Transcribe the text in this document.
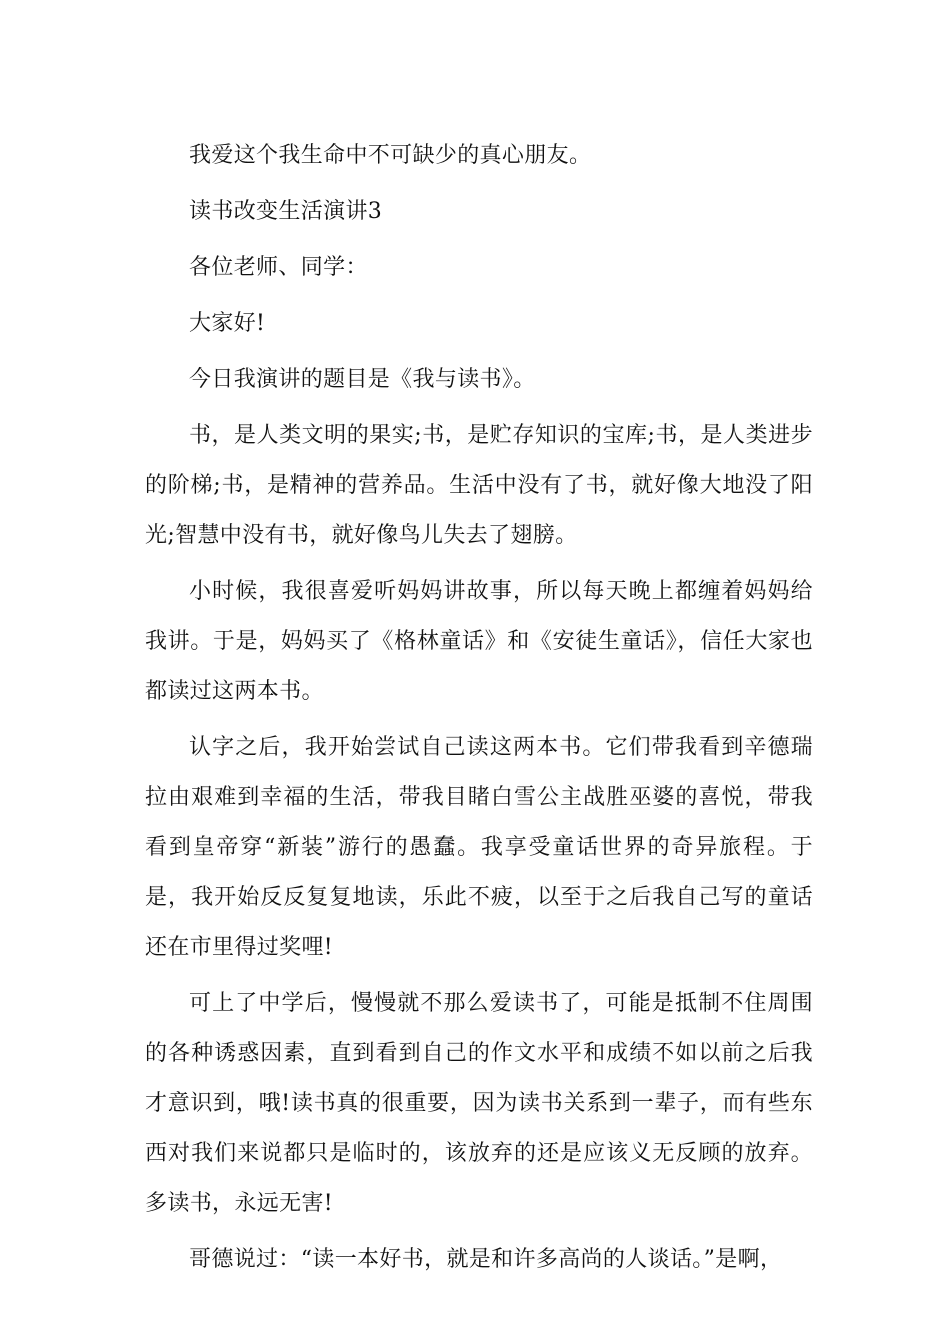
我爱这个我生命中不可缺少的真心朋友。

读书改变生活演讲3

各位老师、同学：

大家好!

今日我演讲的题目是《我与读书》。

书，是人类文明的果实;书，是贮存知识的宝库;书，是人类进步的阶梯;书，是精神的营养品。生活中没有了书，就好像大地没了阳光;智慧中没有书，就好像鸟儿失去了翅膀。

小时候，我很喜爱听妈妈讲故事，所以每天晚上都缠着妈妈给我讲。于是，妈妈买了《格林童话》和《安徒生童话》，信任大家也都读过这两本书。

认字之后，我开始尝试自己读这两本书。它们带我看到辛德瑞拉由艰难到幸福的生活，带我目睹白雪公主战胜巫婆的喜悦，带我看到皇帝穿“新装”游行的愚蠢。我享受童话世界的奇异旅程。于是，我开始反反复复地读，乐此不疲，以至于之后我自己写的童话还在市里得过奖哩!

可上了中学后，慢慢就不那么爱读书了，可能是抵制不住周围的各种诱惑因素，直到看到自己的作文水平和成绩不如以前之后我才意识到，哦!读书真的很重要，因为读书关系到一辈子，而有些东西对我们来说都只是临时的，该放弃的还是应该义无反顾的放弃。多读书，永远无害!

哥德说过：“读一本好书，就是和许多高尚的人谈话。”是啊，
